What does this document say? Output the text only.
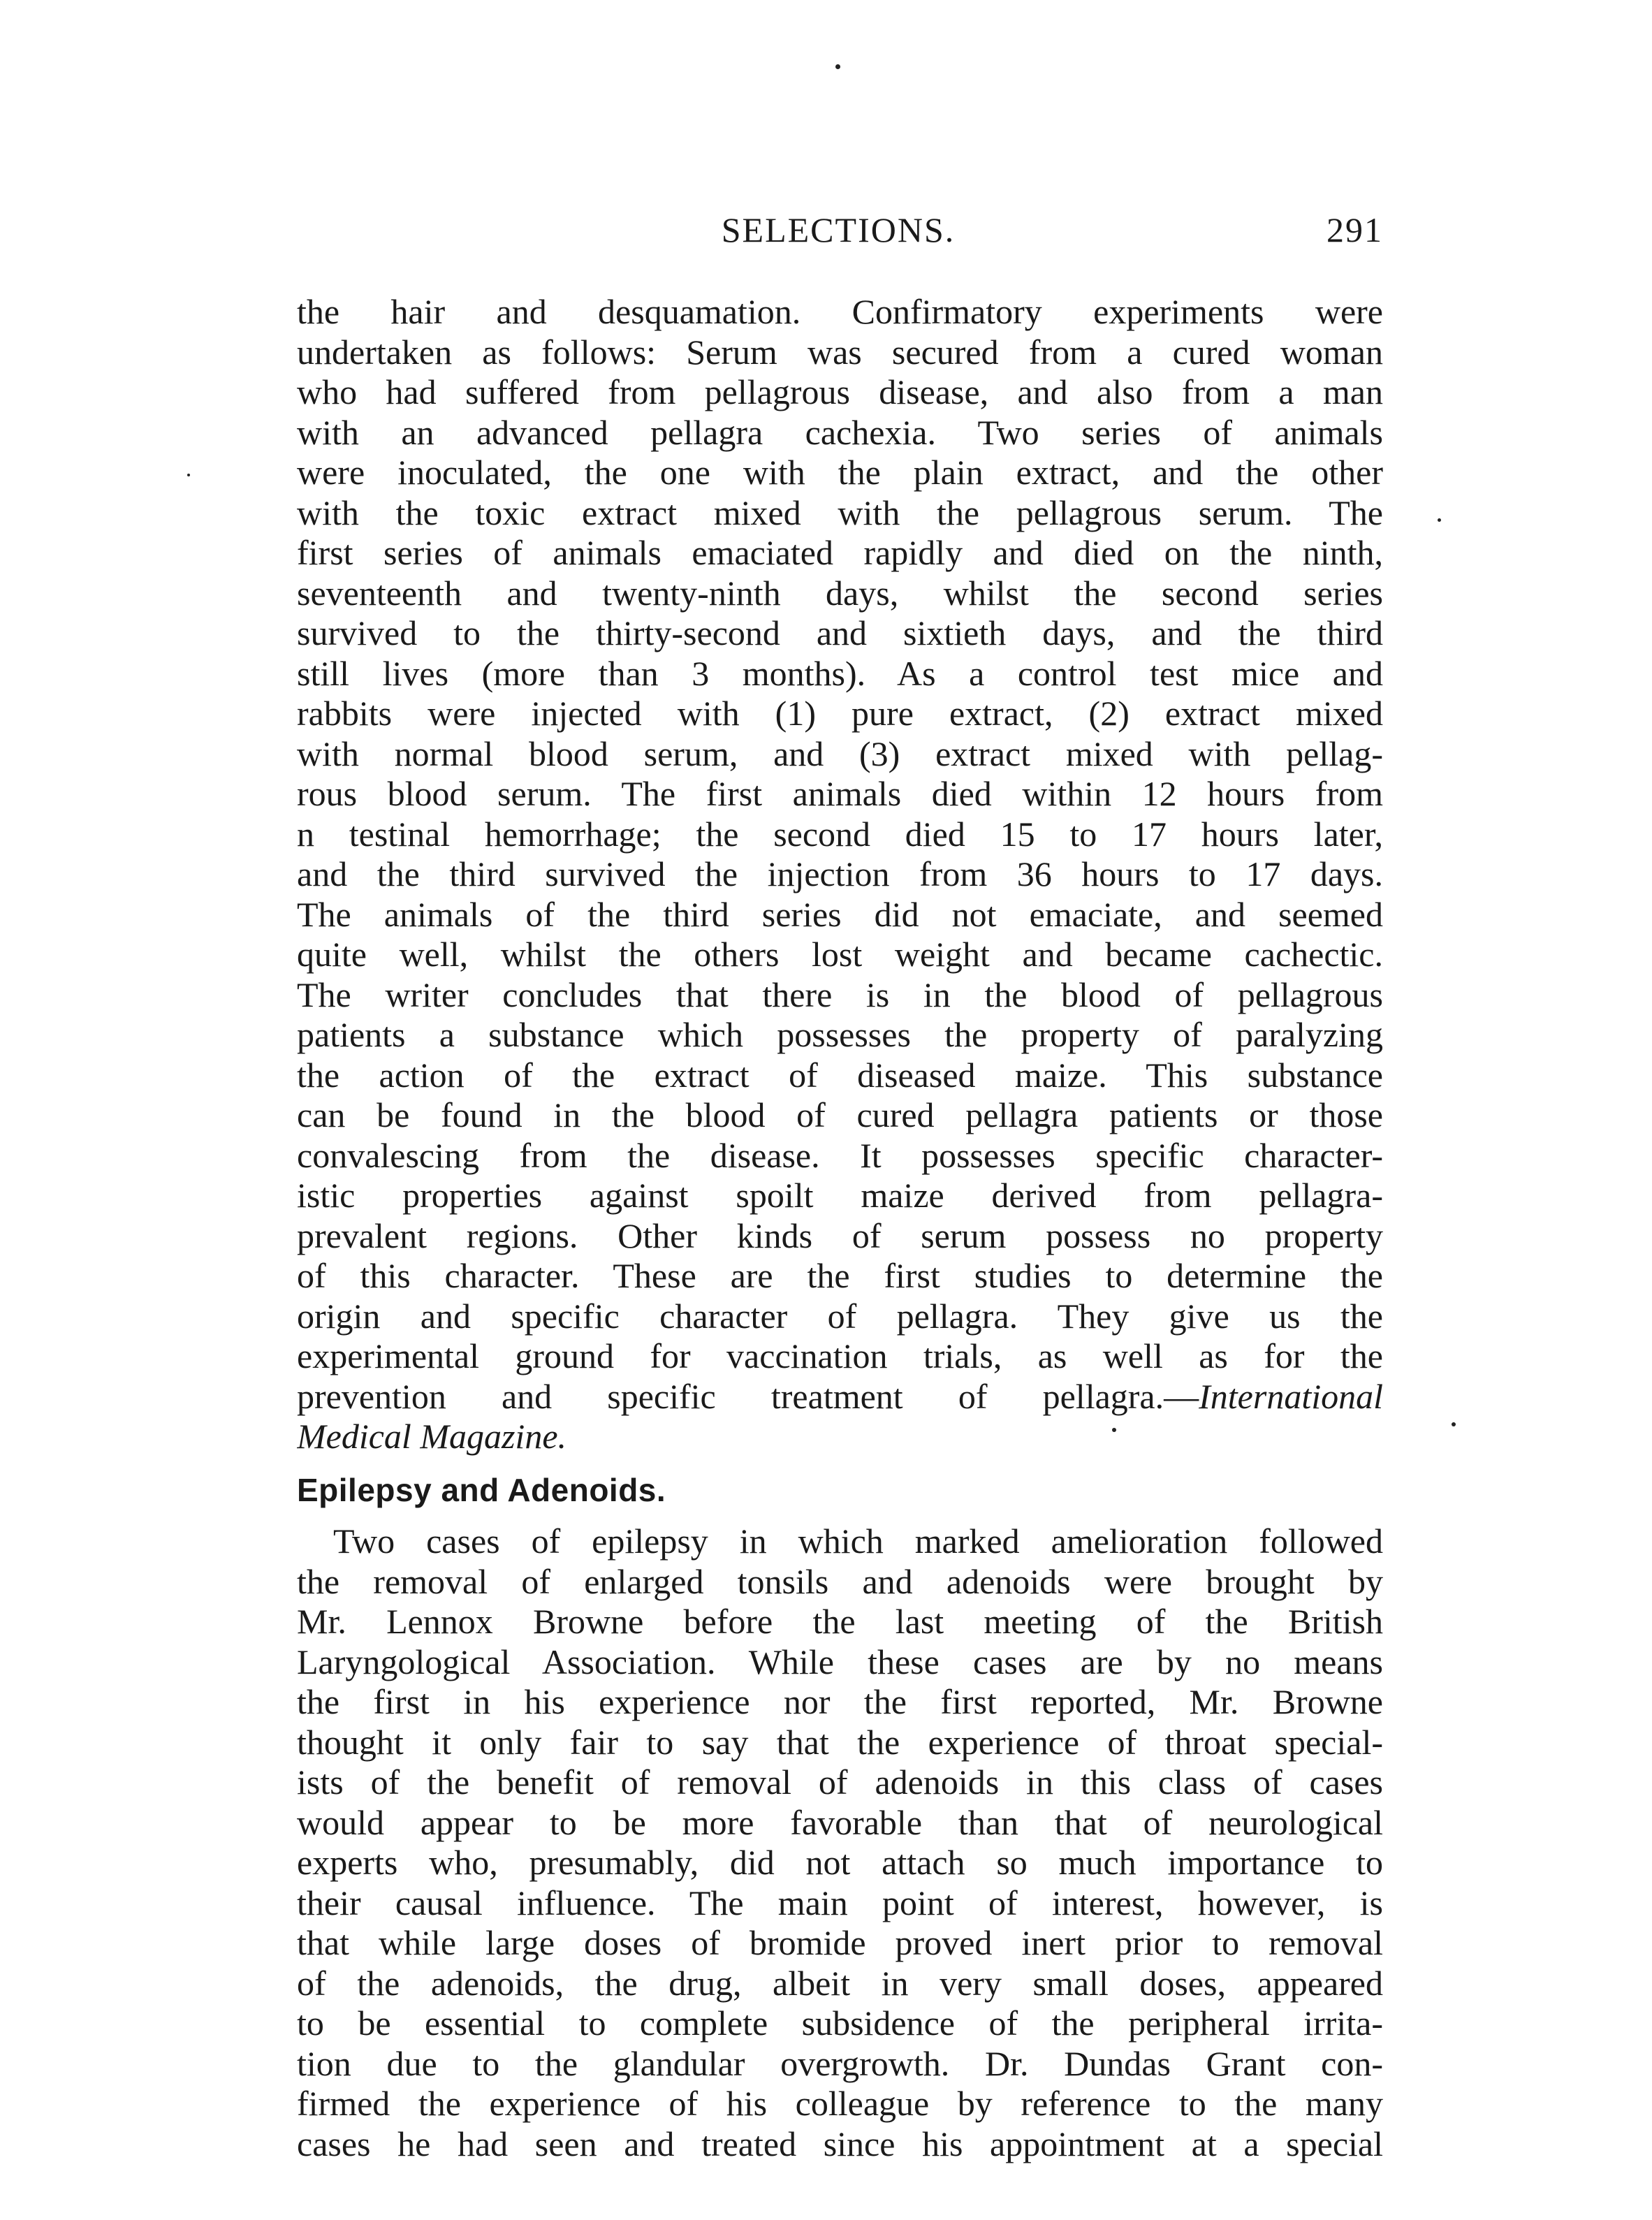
SELECTIONS.	291
the hair and desquamation. Confirmatory experiments were
undertaken as follows: Serum was secured from a cured woman
who had suffered from pellagrous disease, and also from a man
with an advanced pellagra cachexia. Two series of animals
were inoculated, the one with the plain extract, and the other
with the toxic extract mixed with the pellagrous serum. The
first series of animals emaciated rapidly and died on the ninth,
seventeenth and twenty-ninth days, whilst the second series
survived to the thirty-second and sixtieth days, and the third
still lives (more than 3 months). As a control test mice and
rabbits were injected with (1) pure extract, (2) extract mixed
with normal blood serum, and (3) extract mixed with pellag-
rous blood serum. The first animals died within 12 hours from
n testinal hemorrhage; the second died 15 to 17 hours later,
and the third survived the injection from 36 hours to 17 days.
The animals of the third series did not emaciate, and seemed
quite well, whilst the others lost weight and became cachectic.
The writer concludes that there is in the blood of pellagrous
patients a substance which possesses the property of paralyzing
the action of the extract of diseased maize. This substance
can be found in the blood of cured pellagra patients or those
convalescing from the disease. It possesses specific character-
istic properties against spoilt maize derived from pellagra-
prevalent regions. Other kinds of serum possess no property
of this character. These are the first studies to determine the
origin and specific character of pellagra. They give us the
experimental ground for vaccination trials, as well as for the
prevention and specific treatment of pellagra.—International
Medical Magazine.
Epilepsy and Adenoids.
Two cases of epilepsy in which marked amelioration followed
the removal of enlarged tonsils and adenoids were brought by
Mr. Lennox Browne before the last meeting of the British
Laryngological Association. While these cases are by no means
the first in his experience nor the first reported, Mr. Browne
thought it only fair to say that the experience of throat special-
ists of the benefit of removal of adenoids in this class of cases
would appear to be more favorable than that of neurological
experts who, presumably, did not attach so much importance to
their causal influence. The main point of interest, however, is
that while large doses of bromide proved inert prior to removal
of the adenoids, the drug, albeit in very small doses, appeared
to be essential to complete subsidence of the peripheral irrita-
tion due to the glandular overgrowth. Dr. Dundas Grant con-
firmed the experience of his colleague by reference to the many
cases he had seen and treated since his appointment at a special
